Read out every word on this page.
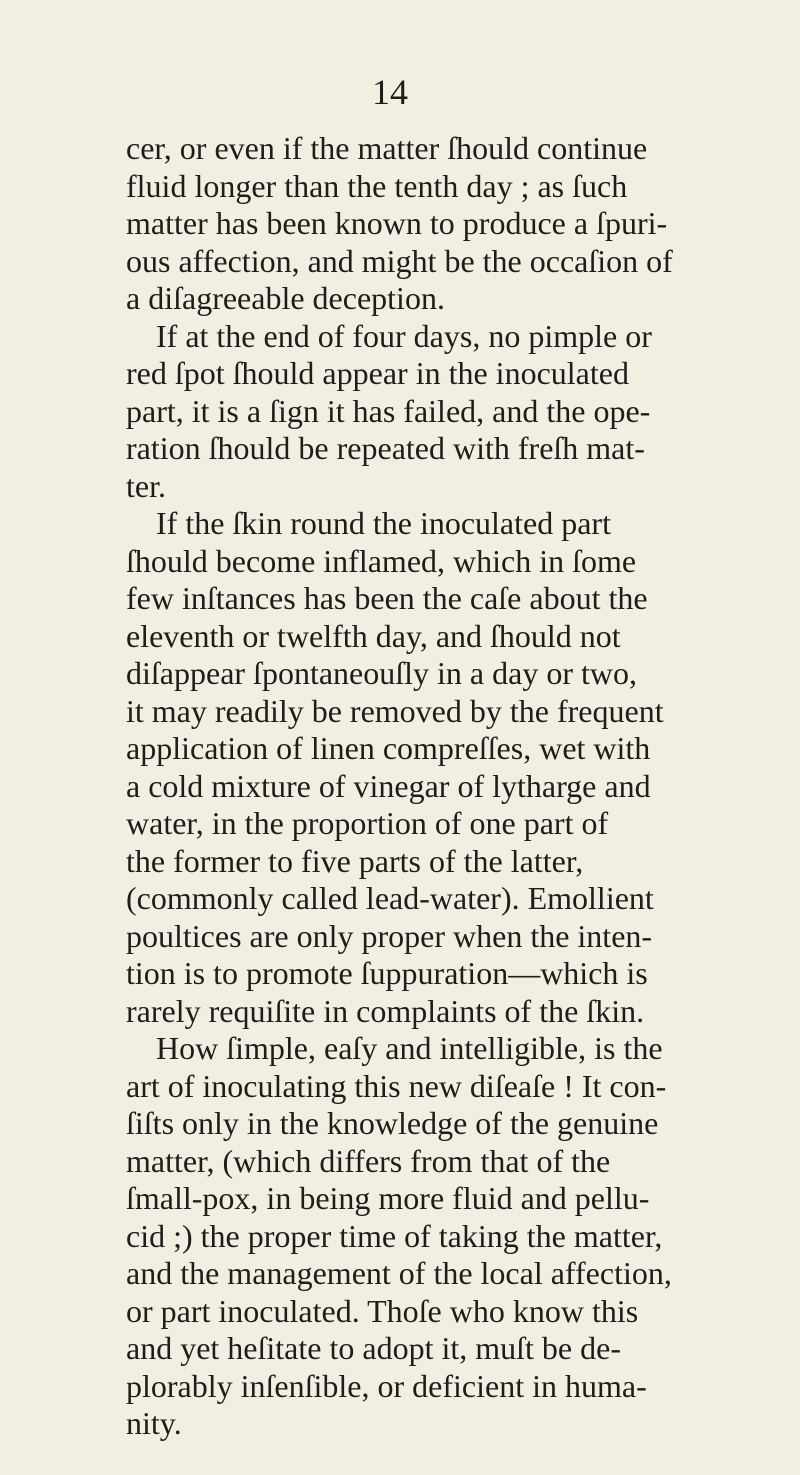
14
cer, or even if the matter ſhould continue
fluid longer than the tenth day ; as ſuch
matter has been known to produce a ſpuri-
ous affection, and might be the occaſion of
a diſagreeable deception.
If at the end of four days, no pimple or
red ſpot ſhould appear in the inoculated
part, it is a ſign it has failed, and the ope-
ration ſhould be repeated with freſh mat-
ter.
If the ſkin round the inoculated part
ſhould become inflamed, which in ſome
few inſtances has been the caſe about the
eleventh or twelfth day, and ſhould not
diſappear ſpontaneouſly in a day or two,
it may readily be removed by the frequent
application of linen compreſſes, wet with
a cold mixture of vinegar of lytharge and
water, in the proportion of one part of
the former to five parts of the latter,
(commonly called lead-water). Emollient
poultices are only proper when the inten-
tion is to promote ſuppuration—which is
rarely requiſite in complaints of the ſkin.
How ſimple, eaſy and intelligible, is the
art of inoculating this new diſeaſe ! It con-
ſiſts only in the knowledge of the genuine
matter, (which differs from that of the
ſmall-pox, in being more fluid and pellu-
cid ;) the proper time of taking the matter,
and the management of the local affection,
or part inoculated. Thoſe who know this
and yet heſitate to adopt it, muſt be de-
plorably inſenſible, or deficient in huma-
nity.
